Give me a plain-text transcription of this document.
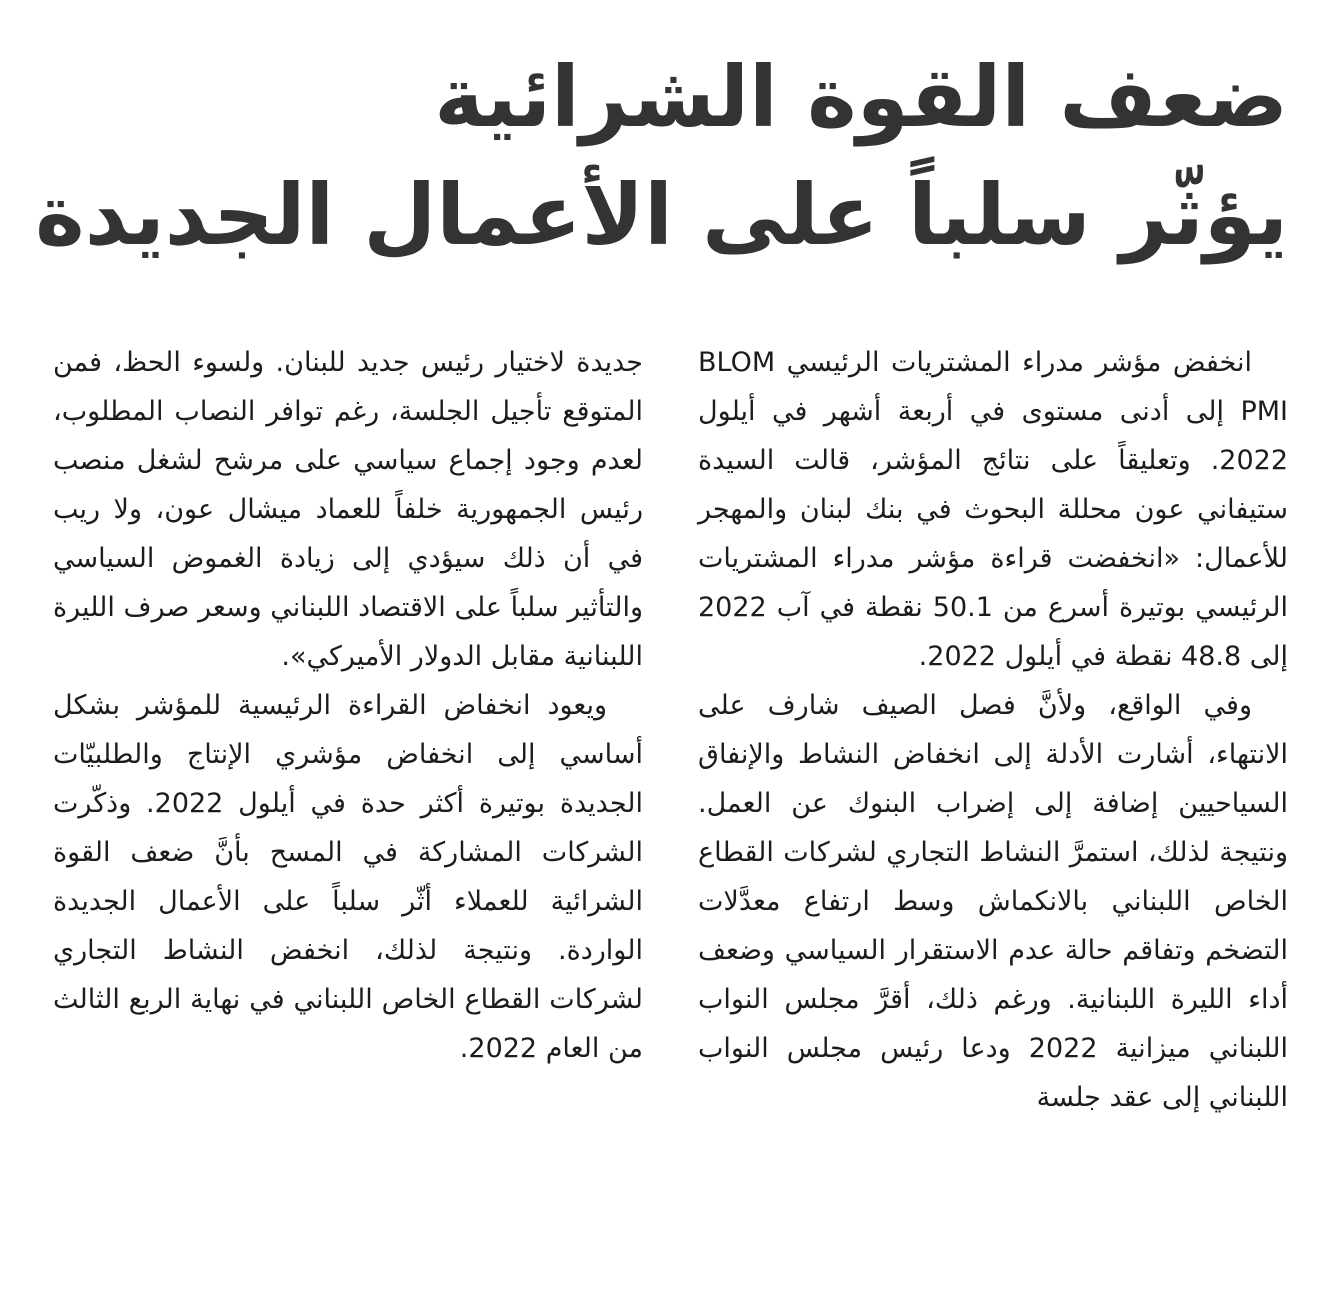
ضعف القوة الشرائية
يؤثّر سلباً على الأعمال الجديدة

انخفض مؤشر مدراء المشتريات الرئيسي BLOM PMI إلى أدنى مستوى في أربعة أشهر في أيلول 2022. وتعليقاً على نتائج المؤشر، قالت السيدة ستيفاني عون محللة البحوث في بنك لبنان والمهجر للأعمال: «انخفضت قراءة مؤشر مدراء المشتريات الرئيسي بوتيرة أسرع من 50.1 نقطة في آب 2022 إلى 48.8 نقطة في أيلول 2022.

وفي الواقع، ولأنَّ فصل الصيف شارف على الانتهاء، أشارت الأدلة إلى انخفاض النشاط والإنفاق السياحيين إضافة إلى إضراب البنوك عن العمل. ونتيجة لذلك، استمرَّ النشاط التجاري لشركات القطاع الخاص اللبناني بالانكماش وسط ارتفاع معدَّلات التضخم وتفاقم حالة عدم الاستقرار السياسي وضعف أداء الليرة اللبنانية. ورغم ذلك، أقرَّ مجلس النواب اللبناني ميزانية 2022 ودعا رئيس مجلس النواب اللبناني إلى عقد جلسة

جديدة لاختيار رئيس جديد للبنان. ولسوء الحظ، فمن المتوقع تأجيل الجلسة، رغم توافر النصاب المطلوب، لعدم وجود إجماع سياسي على مرشح لشغل منصب رئيس الجمهورية خلفاً للعماد ميشال عون، ولا ريب في أن ذلك سيؤدي إلى زيادة الغموض السياسي والتأثير سلباً على الاقتصاد اللبناني وسعر صرف الليرة اللبنانية مقابل الدولار الأميركي».

ويعود انخفاض القراءة الرئيسية للمؤشر بشكل أساسي إلى انخفاض مؤشري الإنتاج والطلبيّات الجديدة بوتيرة أكثر حدة في أيلول 2022. وذكّرت الشركات المشاركة في المسح بأنَّ ضعف القوة الشرائية للعملاء أثّر سلباً على الأعمال الجديدة الواردة. ونتيجة لذلك، انخفض النشاط التجاري لشركات القطاع الخاص اللبناني في نهاية الربع الثالث من العام 2022.
